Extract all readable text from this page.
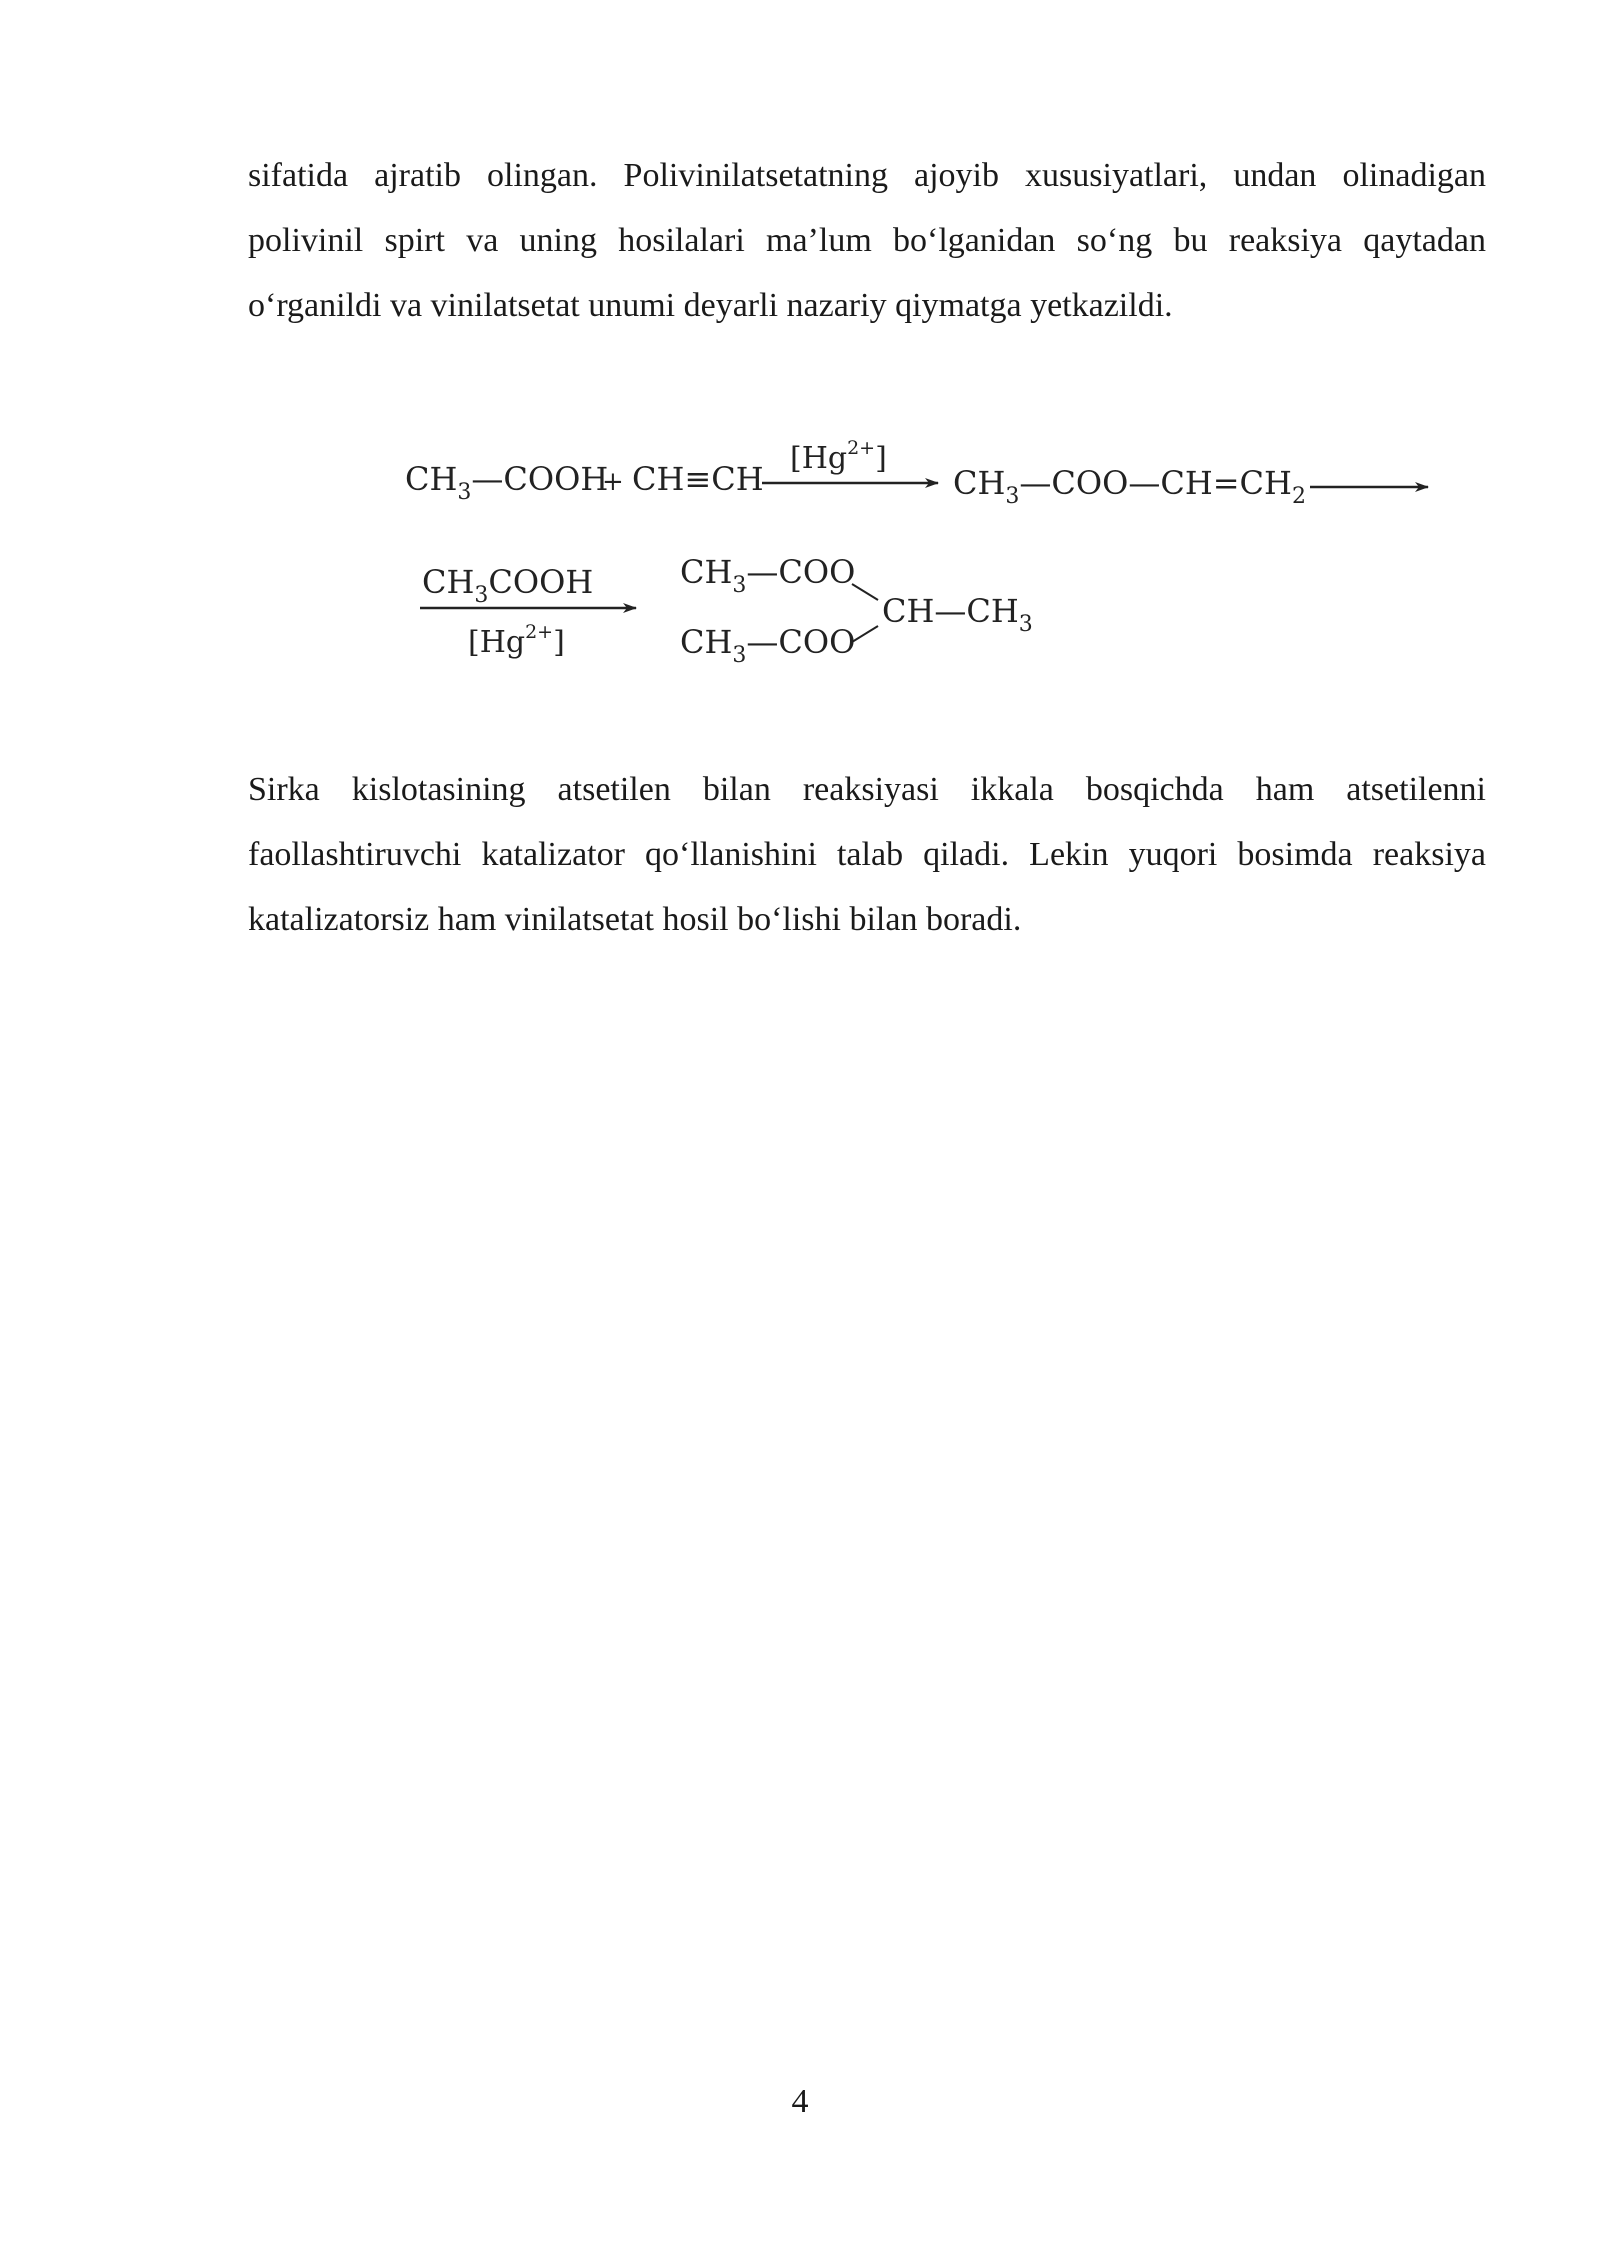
sifatida ajratib olingan. Polivinilatsetatning ajoyib xususiyatlari, undan olinadigan polivinil spirt va uning hosilalari ma’lum bo‘lganidan so‘ng bu reaksiya qaytadan o‘rganildi va vinilatsetat unumi deyarli nazariy qiymatga yetkazildi.

$CH_3—COOH$
+ CH≡CH
$[Hg^{2+}]$
$CH_3—COO—CH=CH_2$
$CH_3COOH$
$[Hg^{2+}]$
$CH_3—COO$
$CH_3—COO$
$CH—CH_3$

Sirka kislotasining atsetilen bilan reaksiyasi ikkala bosqichda ham atsetilenni faollashtiruvchi katalizator qo‘llanishini talab qiladi. Lekin yuqori bosimda reaksiya katalizatorsiz ham vinilatsetat hosil bo‘lishi bilan boradi.

4
